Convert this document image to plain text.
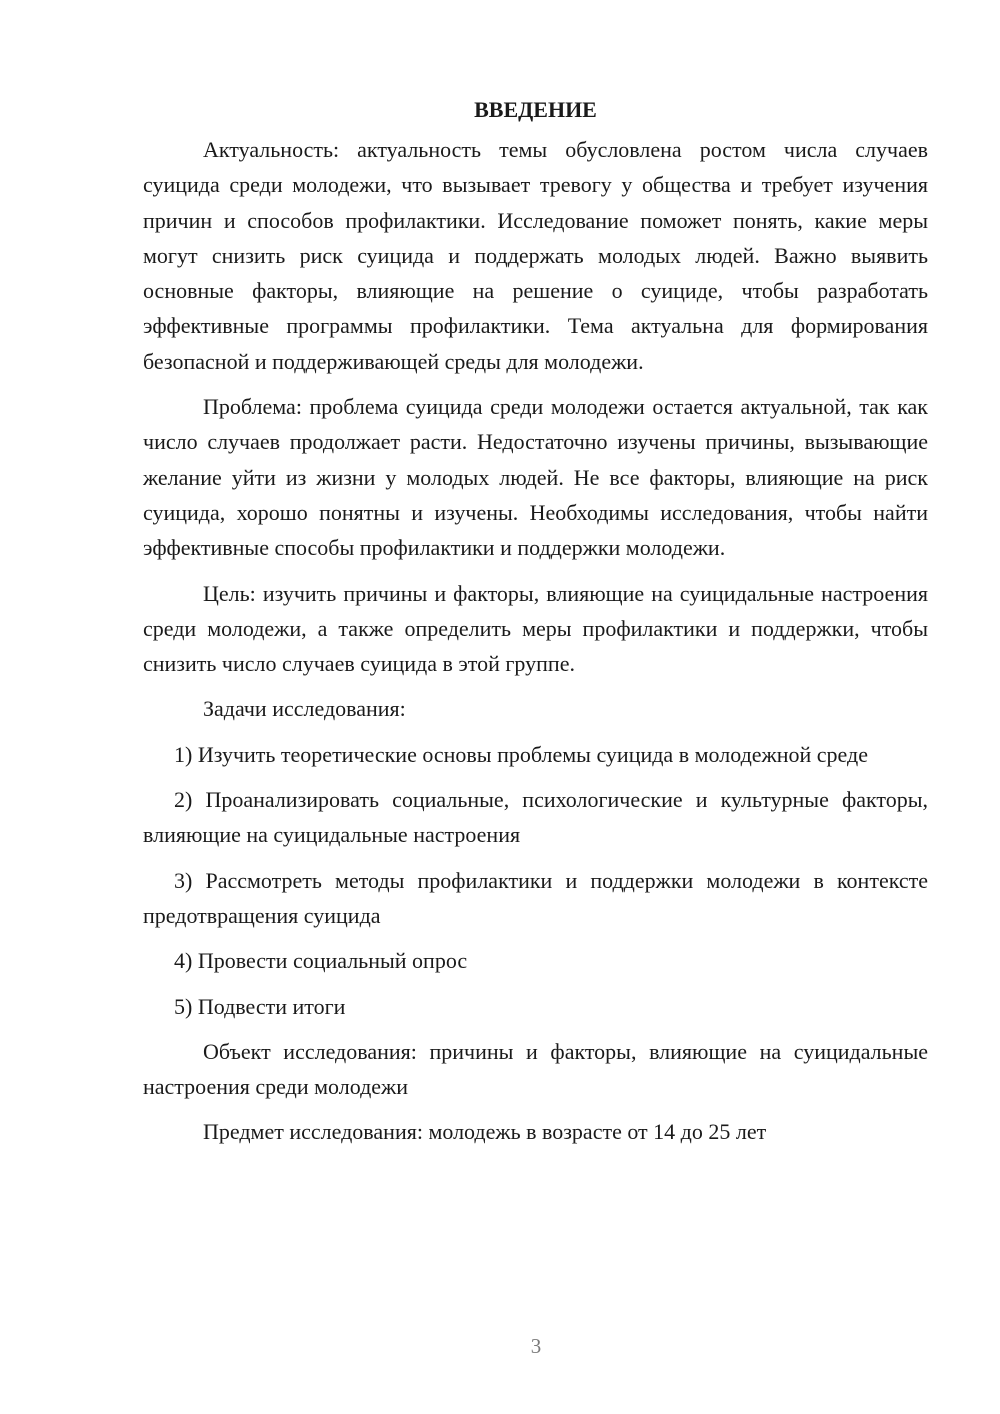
ВВЕДЕНИЕ

Актуальность: актуальность темы обусловлена ростом числа случаев суицида среди молодежи, что вызывает тревогу у общества и требует изучения причин и способов профилактики. Исследование поможет понять, какие меры могут снизить риск суицида и поддержать молодых людей. Важно выявить основные факторы, влияющие на решение о суициде, чтобы разработать эффективные программы профилактики. Тема актуальна для формирования безопасной и поддерживающей среды для молодежи.

Проблема: проблема суицида среди молодежи остается актуальной, так как число случаев продолжает расти. Недостаточно изучены причины, вызывающие желание уйти из жизни у молодых людей. Не все факторы, влияющие на риск суицида, хорошо понятны и изучены. Необходимы исследования, чтобы найти эффективные способы профилактики и поддержки молодежи.

Цель: изучить причины и факторы, влияющие на суицидальные настроения среди молодежи, а также определить меры профилактики и поддержки, чтобы снизить число случаев суицида в этой группе.

Задачи исследования:

1) Изучить теоретические основы проблемы суицида в молодежной среде

2) Проанализировать социальные, психологические и культурные факторы, влияющие на суицидальные настроения

3) Рассмотреть методы профилактики и поддержки молодежи в контексте предотвращения суицида

4) Провести социальный опрос

5) Подвести итоги

Объект исследования: причины и факторы, влияющие на суицидальные настроения среди молодежи

Предмет исследования: молодежь в возрасте от 14 до 25 лет

3
